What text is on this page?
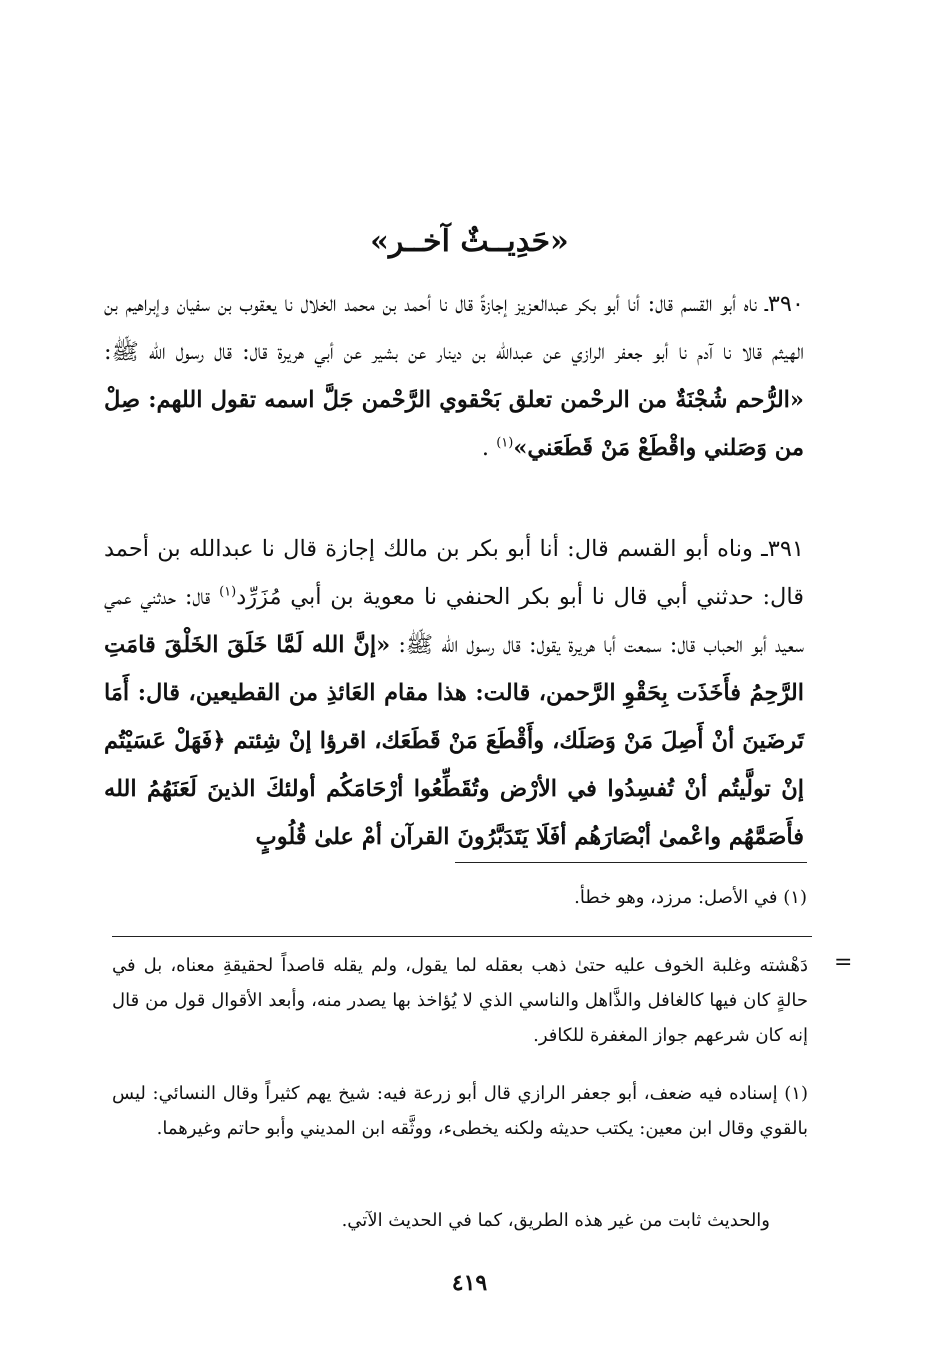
«حَدِيــثٌ آخــر»
٣٩٠ـ ناه أبو القسم قال: أنا أبو بكر عبدالعزيز إجازةً قال نا أحمد بن محمد الخلال نا يعقوب بن سفيان وإبراهيم بن الهيثم قالا نا آدم نا أبو جعفر الرازي عن عبدالله بن دينار عن بشير عن أبي هريرة قال: قال رسول الله ﷺ: «الرُّحم شُجْنَةٌ من الرحْمن تعلق بَحْقوي الرَّحْمن جَلَّ اسمه تقول اللهم: صِلْ من وَصَلني واقْطَعْ مَنْ قَطَعَني»$^{(١)}$ .
٣٩١ـ وناه أبو القسم قال: أنا أبو بكر بن مالك إجازة قال نا عبدالله بن أحمد قال: حدثني أبي قال نا أبو بكر الحنفي نا معوية بن أبي مُزَرِّد$^{(١)}$ قال: حدثني عمي سعيد أبو الحباب قال: سمعت أبا هريرة يقول: قال رسول الله ﷺ: «إنَّ الله لَمَّا خَلَقَ الخَلْقَ قامَتِ الرَّحِمُ فأَخَذَت بِحَقْوِ الرَّحمن، قالت: هذا مقام العَائذِ من القطيعين، قال: أَمَا تَرضَينَ أنْ أَصِلَ مَنْ وَصَلَك، وأَقْطَعَ مَنْ قَطَعَك، اقرؤا إنْ شِئتم ﴿فَهَلْ عَسَيْتُم إنْ تولَّيتُم أنْ تُفسِدُوا في الأرْض وتُقَطِّعُوا أرْحَامَكُم أولئكَ الذينَ لَعَنَهُمُ الله فأَصَمَّهُم واعْمىٰ أبْصَارَهُم أفَلَا يَتَدَبَّرُونَ القرآن أمْ علىٰ قُلُوبٍ
(١) في الأصل: مرزد، وهو خطأ.
=
دَهْشته وغلبة الخوف عليه حتىٰ ذهب بعقله لما يقول، ولم يقله قاصداً لحقيقةِ معناه، بل في حالةٍ كان فيها كالغافل والذَّاهل والناسي الذي لا يُؤاخذ بها يصدر منه، وأبعد الأقوال قول من قال إنه كان شرعهم جواز المغفرة للكافر.
(١) إسناده فيه ضعف، أبو جعفر الرازي قال أبو زرعة فيه: شيخ يهم كثيراً وقال النسائي: ليس بالقوي وقال ابن معين: يكتب حديثه ولكنه يخطىء، ووثَّقه ابن المديني وأبو حاتم وغيرهما.
والحديث ثابت من غير هذه الطريق، كما في الحديث الآتي.
٤١٩
